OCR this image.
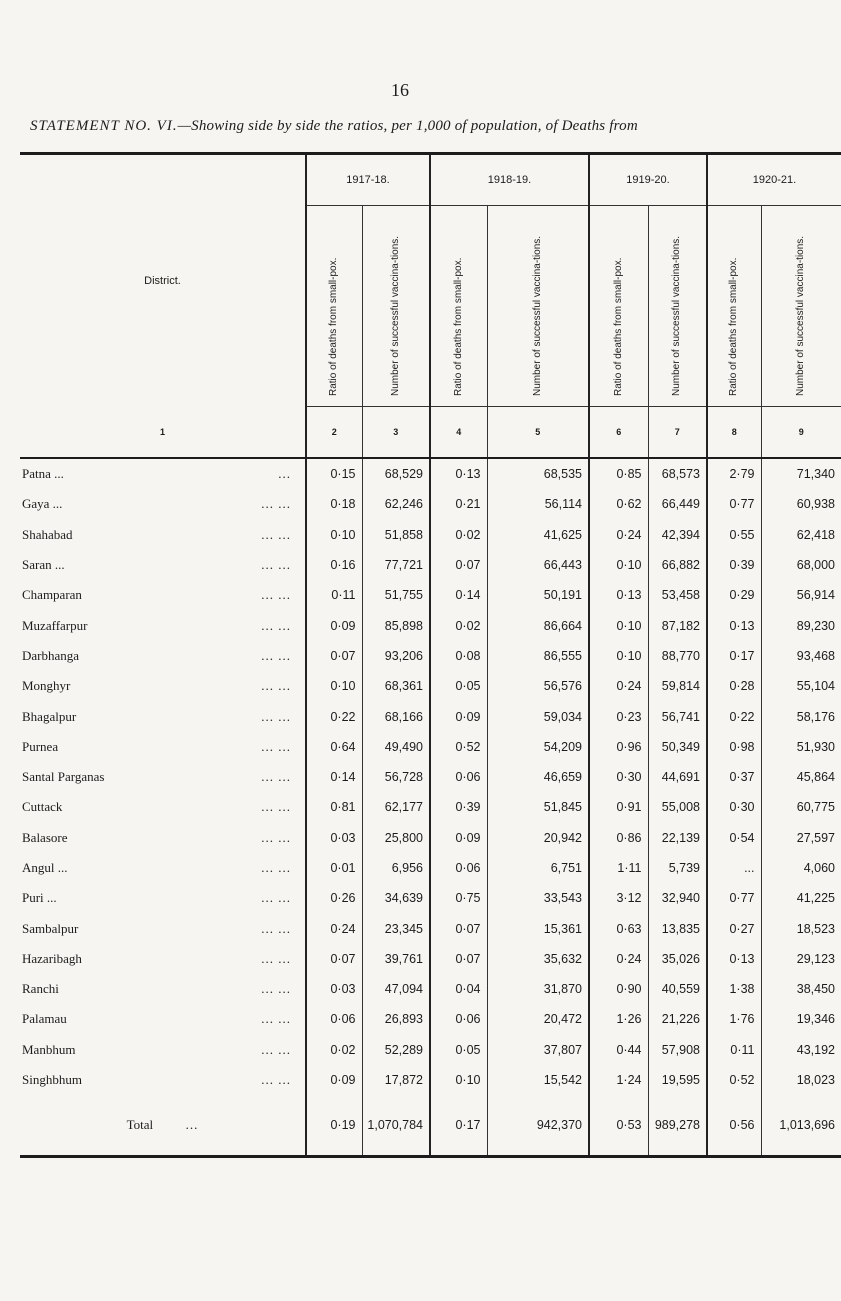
16
STATEMENT NO. VI.—Showing side by side the ratios, per 1,000 of population, of Deaths from

District.	1917-18.		1918-19.		1919-20.		1920-21.	

	Ratio of deaths from small-pox.	Number of successful vaccina-tions.	Ratio of deaths from small-pox.	Number of successful vaccina-tions.	Ratio of deaths from small-pox.	Number of successful vaccina-tions.	Ratio of deaths from small-pox.	Number of successful vaccina-tions.

1	2	3	4	5	6	7	8	9
Patna ... ...	0·15	68,529	0·13	68,535	0·85	68,573	2·79	71,340
Gaya ... ... ...	0·18	62,246	0·21	56,114	0·62	66,449	0·77	60,938
Shahabad ... ...	0·10	51,858	0·02	41,625	0·24	42,394	0·55	62,418
Saran ... ... ...	0·16	77,721	0·07	66,443	0·10	66,882	0·39	68,000
Champaran ... ...	0·11	51,755	0·14	50,191	0·13	53,458	0·29	56,914
Muzaffarpur ... ...	0·09	85,898	0·02	86,664	0·10	87,182	0·13	89,230
Darbhanga ... ...	0·07	93,206	0·08	86,555	0·10	88,770	0·17	93,468
Monghyr ... ...	0·10	68,361	0·05	56,576	0·24	59,814	0·28	55,104
Bhagalpur ... ...	0·22	68,166	0·09	59,034	0·23	56,741	0·22	58,176
Purnea ... ...	0·64	49,490	0·52	54,209	0·96	50,349	0·98	51,930
Santal Parganas ... ...	0·14	56,728	0·06	46,659	0·30	44,691	0·37	45,864
Cuttack ... ...	0·81	62,177	0·39	51,845	0·91	55,008	0·30	60,775
Balasore ... ...	0·03	25,800	0·09	20,942	0·86	22,139	0·54	27,597
Angul ... ... ...	0·01	6,956	0·06	6,751	1·11	5,739	...	4,060
Puri ... ... ...	0·26	34,639	0·75	33,543	3·12	32,940	0·77	41,225
Sambalpur ... ...	0·24	23,345	0·07	15,361	0·63	13,835	0·27	18,523
Hazaribagh ... ...	0·07	39,761	0·07	35,632	0·24	35,026	0·13	29,123
Ranchi ... ...	0·03	47,094	0·04	31,870	0·90	40,559	1·38	38,450
Palamau ... ...	0·06	26,893	0·06	20,472	1·26	21,226	1·76	19,346
Manbhum ... ...	0·02	52,289	0·05	37,807	0·44	57,908	0·11	43,192
Singhbhum ... ...	0·09	17,872	0·10	15,542	1·24	19,595	0·52	18,023
Total ...	0·19	1,070,784	0·17	942,370	0·53	989,278	0·56	1,013,696
